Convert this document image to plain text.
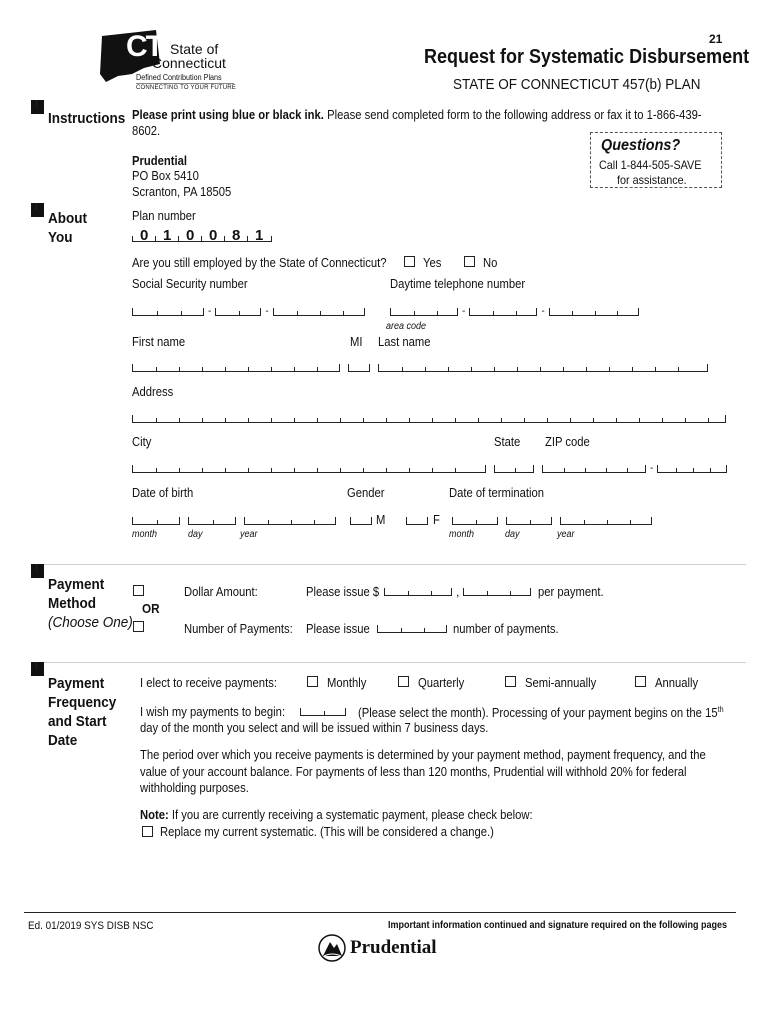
21
CT State of
Connecticut
Defined Contribution Plans
CONNECTING TO YOUR FUTURE
Request for Systematic Disbursement
STATE OF CONNECTICUT 457(b) PLAN
Instructions Please print using blue or black ink. Please send completed form to the following address or fax it to 1-866-439-
8602.
Prudential
PO Box 5410
Scranton, PA 18505
Questions?
Call 1-844-505-SAVE
for assistance.
About
You
Plan number
0 1 0 0 8 1
Are you still employed by the State of Connecticut?	Yes	No
Social Security number	Daytime telephone number
-	-	-	-
area code
First name	MI Last name
Address
City	State ZIP code
-
Date of birth	Gender	Date of termination
month	day	year
M	F
month	day	year
Payment
Method
(Choose One)
OR
Dollar Amount:	Please issue $	,	per payment.
Number of Payments: Please issue	number of payments.
Payment
Frequency
and Start
Date
I elect to receive payments:	Monthly	Quarterly	Semi-annually	Annually
I wish my payments to begin:	(Please select the month). Processing of your payment begins on the 15th
day of the month you select and will be issued within 7 business days.
The period over which you receive payments is determined by your payment method, payment frequency, and the
value of your account balance. For payments of less than 120 months, Prudential will withhold 20% for federal
withholding purposes.
Note: If you are currently receiving a systematic payment, please check below:
Replace my current systematic. (This will be considered a change.)
Ed. 01/2019 SYS DISB NSC	Important information continued and signature required on the following pages
Prudential
